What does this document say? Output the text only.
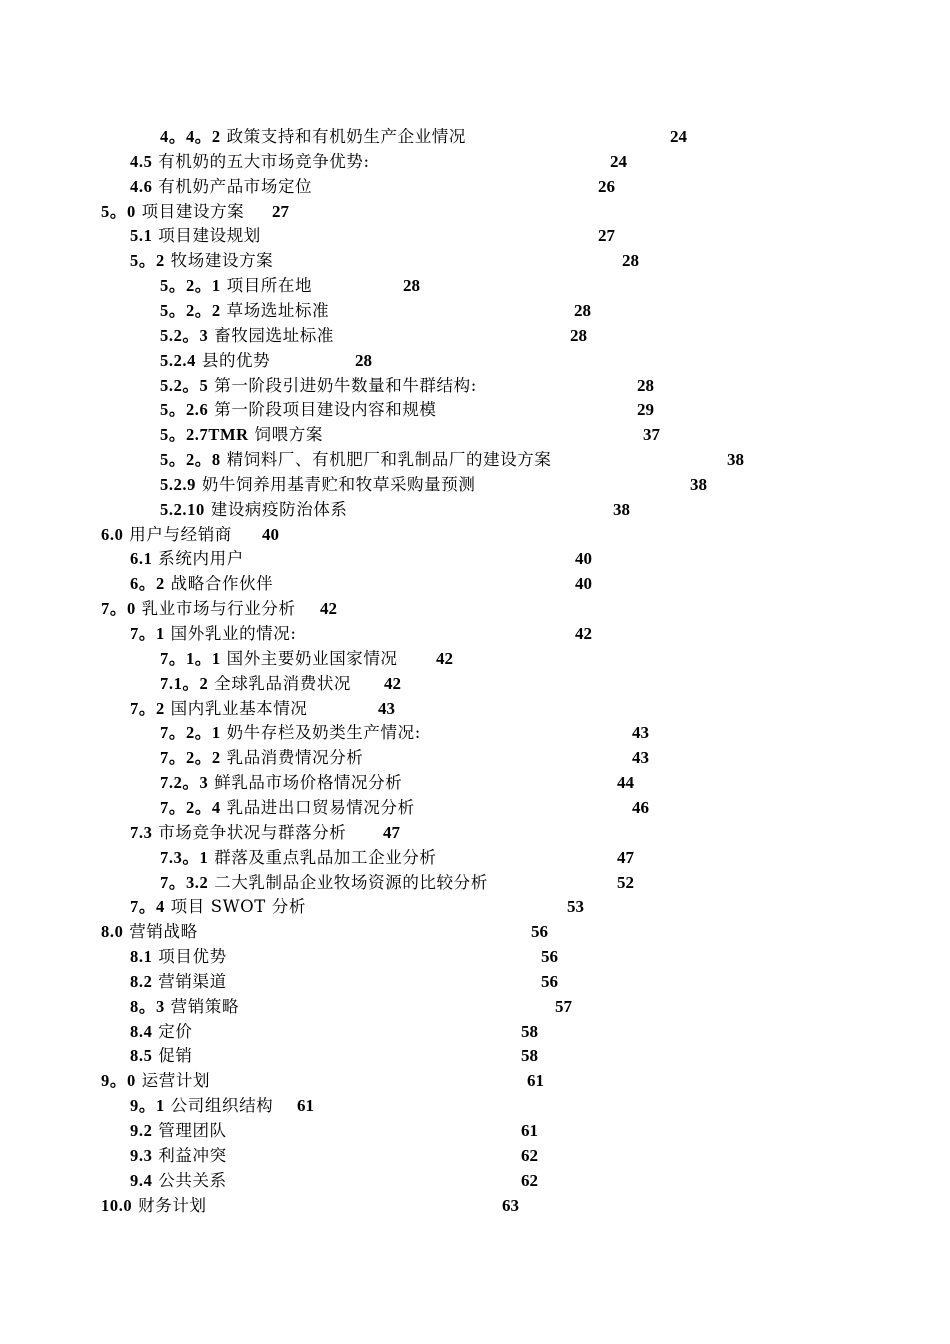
4。4。2 政策支持和有机奶生产企业情况	24
4.5 有机奶的五大市场竞争优势:	24
4.6 有机奶产品市场定位	26
5。0 项目建设方案 27
5.1 项目建设规划	27
5。2 牧场建设方案	28
5。2。1 项目所在地	28
5。2。2 草场选址标准	28
5.2。3 畜牧园选址标准	28
5.2.4 县的优势	28
5.2。5 第一阶段引进奶牛数量和牛群结构:	28
5。2.6 第一阶段项目建设内容和规模	29
5。2.7TMR 饲喂方案	37
5。2。8 精饲料厂、有机肥厂和乳制品厂的建设方案	38
5.2.9 奶牛饲养用基青贮和牧草采购量预测	38
5.2.10 建设病疫防治体系	38
6.0 用户与经销商 40
6.1 系统内用户	40
6。2 战略合作伙伴	40
7。0 乳业市场与行业分析 42
7。1 国外乳业的情况:	42
7。1。1 国外主要奶业国家情况 42
7.1。2 全球乳品消费状况 42
7。2 国内乳业基本情况	43
7。2。1 奶牛存栏及奶类生产情况:	43
7。2。2 乳品消费情况分析	43
7.2。3 鲜乳品市场价格情况分析	44
7。2。4 乳品进出口贸易情况分析	46
7.3 市场竞争状况与群落分析 47
7.3。1 群落及重点乳品加工企业分析	47
7。3.2 二大乳制品企业牧场资源的比较分析	52
7。4 项目 SWOT 分析	53
8.0 营销战略	56
8.1 项目优势	56
8.2 营销渠道	56
8。3 营销策略	57
8.4 定价	58
8.5 促销	58
9。0 运营计划	61
9。1 公司组织结构 61
9.2 管理团队	61
9.3 利益冲突	62
9.4 公共关系	62
10.0 财务计划	63
